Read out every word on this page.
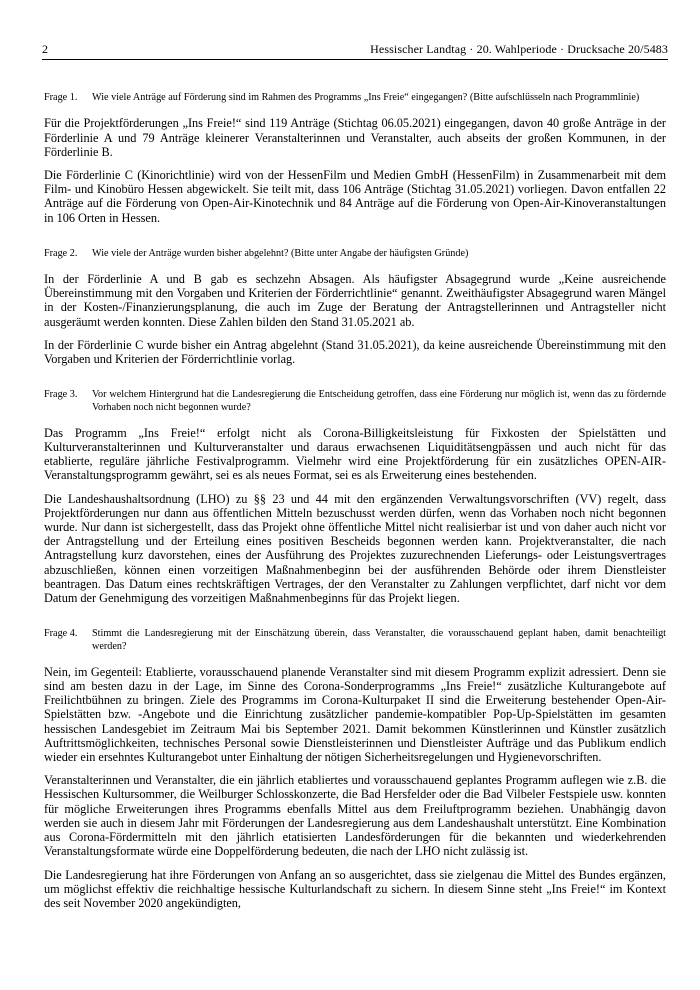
2	Hessischer Landtag · 20. Wahlperiode · Drucksache 20/5483
Frage 1.	Wie viele Anträge auf Förderung sind im Rahmen des Programms „Ins Freie“ eingegangen? (Bitte aufschlüsseln nach Programmlinie)

Für die Projektförderungen „Ins Freie!“ sind 119 Anträge (Stichtag 06.05.2021) eingegangen, davon 40 große Anträge in der Förderlinie A und 79 Anträge kleinerer Veranstalterinnen und Veranstalter, auch abseits der großen Kommunen, in der Förderlinie B.

Die Förderlinie C (Kinorichtlinie) wird von der HessenFilm und Medien GmbH (HessenFilm) in Zusammenarbeit mit dem Film- und Kinobüro Hessen abgewickelt. Sie teilt mit, dass 106 Anträge (Stichtag 31.05.2021) vorliegen. Davon entfallen 22 Anträge auf die Förderung von Open-Air-Kinotechnik und 84 Anträge auf die Förderung von Open-Air-Kinoveranstaltungen in 106 Orten in Hessen.

Frage 2.	Wie viele der Anträge wurden bisher abgelehnt? (Bitte unter Angabe der häufigsten Gründe)

In der Förderlinie A und B gab es sechzehn Absagen. Als häufigster Absagegrund wurde „Keine ausreichende Übereinstimmung mit den Vorgaben und Kriterien der Förderrichtlinie“ genannt. Zweithäufigster Absagegrund waren Mängel in der Kosten-/Finanzierungsplanung, die auch im Zuge der Beratung der Antragstellerinnen und Antragsteller nicht ausgeräumt werden konnten. Diese Zahlen bilden den Stand 31.05.2021 ab.

In der Förderlinie C wurde bisher ein Antrag abgelehnt (Stand 31.05.2021), da keine ausreichende Übereinstimmung mit den Vorgaben und Kriterien der Förderrichtlinie vorlag.

Frage 3.	Vor welchem Hintergrund hat die Landesregierung die Entscheidung getroffen, dass eine Förderung nur möglich ist, wenn das zu fördernde Vorhaben noch nicht begonnen wurde?

Das Programm „Ins Freie!“ erfolgt nicht als Corona-Billigkeitsleistung für Fixkosten der Spielstätten und Kulturveranstalterinnen und Kulturveranstalter und daraus erwachsenen Liquiditätsengpässen und auch nicht für das etablierte, reguläre jährliche Festivalprogramm. Vielmehr wird eine Projektförderung für ein zusätzliches OPEN-AIR-Veranstaltungsprogramm gewährt, sei es als neues Format, sei es als Erweiterung eines bestehenden.

Die Landeshaushaltsordnung (LHO) zu §§ 23 und 44 mit den ergänzenden Verwaltungsvorschriften (VV) regelt, dass Projektförderungen nur dann aus öffentlichen Mitteln bezuschusst werden dürfen, wenn das Vorhaben noch nicht begonnen wurde. Nur dann ist sichergestellt, dass das Projekt ohne öffentliche Mittel nicht realisierbar ist und von daher auch nicht vor der Antragstellung und der Erteilung eines positiven Bescheids begonnen werden kann. Projektveranstalter, die nach Antragstellung kurz davorstehen, eines der Ausführung des Projektes zuzurechnenden Lieferungs- oder Leistungsvertrages abzuschließen, können einen vorzeitigen Maßnahmenbeginn bei der ausführenden Behörde oder ihrem Dienstleister beantragen. Das Datum eines rechtskräftigen Vertrages, der den Veranstalter zu Zahlungen verpflichtet, darf nicht vor dem Datum der Genehmigung des vorzeitigen Maßnahmenbeginns für das Projekt liegen.

Frage 4.	Stimmt die Landesregierung mit der Einschätzung überein, dass Veranstalter, die vorausschauend geplant haben, damit benachteiligt werden?

Nein, im Gegenteil: Etablierte, vorausschauend planende Veranstalter sind mit diesem Programm explizit adressiert. Denn sie sind am besten dazu in der Lage, im Sinne des Corona-Sonderprogramms „Ins Freie!“ zusätzliche Kulturangebote auf Freilichtbühnen zu bringen. Ziele des Programms im Corona-Kulturpaket II sind die Erweiterung bestehender Open-Air-Spielstätten bzw. -Angebote und die Einrichtung zusätzlicher pandemie-kompatibler Pop-Up-Spielstätten im gesamten hessischen Landesgebiet im Zeitraum Mai bis September 2021. Damit bekommen Künstlerinnen und Künstler zusätzlich Auftrittsmöglichkeiten, technisches Personal sowie Dienstleisterinnen und Dienstleister Aufträge und das Publikum endlich wieder ein ersehntes Kulturangebot unter Einhaltung der nötigen Sicherheitsregelungen und Hygienevorschriften.

Veranstalterinnen und Veranstalter, die ein jährlich etabliertes und vorausschauend geplantes Programm auflegen wie z.B. die Hessischen Kultursommer, die Weilburger Schlosskonzerte, die Bad Hersfelder oder die Bad Vilbeler Festspiele usw. konnten für mögliche Erweiterungen ihres Programms ebenfalls Mittel aus dem Freiluftprogramm beziehen. Unabhängig davon werden sie auch in diesem Jahr mit Förderungen der Landesregierung aus dem Landeshaushalt unterstützt. Eine Kombination aus Corona-Fördermitteln mit den jährlich etatisierten Landesförderungen für die bekannten und wiederkehrenden Veranstaltungsformate würde eine Doppelförderung bedeuten, die nach der LHO nicht zulässig ist.

Die Landesregierung hat ihre Förderungen von Anfang an so ausgerichtet, dass sie zielgenau die Mittel des Bundes ergänzen, um möglichst effektiv die reichhaltige hessische Kulturlandschaft zu sichern. In diesem Sinne steht „Ins Freie!“ im Kontext des seit November 2020 angekündigten,
